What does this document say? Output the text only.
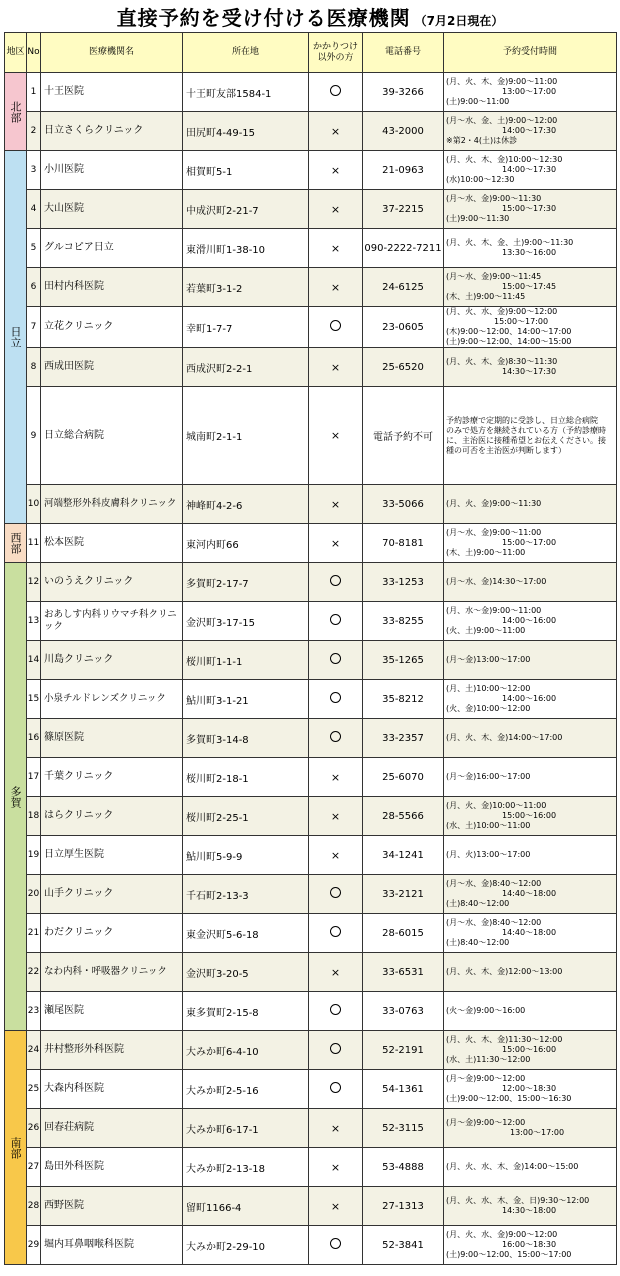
直接予約を受け付ける医療機関 （7月2日現在）
地区	No	医療機関名	所在地	かかりつけ以外の方	電話番号	予約受付時間
北部	1	十王医院	十王町友部1584-1		39-3266	(月、火、木、金)9:00～11:00
　　　　　　　13:00～17:00
(土)9:00～11:00
	2	日立さくらクリニック	田尻町4-49-15	×	43-2000	(月～水、金、土)9:00～12:00
　　　　　　　14:00～17:30
※第2・4(土)は休診
日立	3	小川医院	相賀町5-1	×	21-0963	(月、火、木、金)10:00～12:30
　　　　　　　14:00～17:30
(水)10:00～12:30
	4	大山医院	中成沢町2-21-7	×	37-2215	(月～水、金)9:00～11:30
　　　　　　　15:00～17:30
(土)9:00～11:30
	5	グルコピア日立	東滑川町1-38-10	×	090-2222-7211	(月、火、木、金、土)9:00～11:30
　　　　　　　13:30～16:00
	6	田村内科医院	若葉町3-1-2	×	24-6125	(月～水、金)9:00～11:45
　　　　　　　15:00～17:45
(木、土)9:00～11:45
	7	立花クリニック	幸町1-7-7		23-0605	(月、火、水、金)9:00～12:00
　　　　　　15:00～17:00
(木)9:00～12:00、14:00～17:00
(土)9:00～12:00、14:00～15:00
	8	西成田医院	西成沢町2-2-1	×	25-6520	(月、火、木、金)8:30～11:30
　　　　　　　14:30～17:30
	9	日立総合病院	城南町2-1-1	×	電話予約不可	予約診療で定期的に受診し、日立総合病院
のみで処方を継続されている方（予約診療時
に、主治医に接種希望とお伝えください。接
種の可否を主治医が判断します）
	10	河端整形外科皮膚科クリニック	神峰町4-2-6	×	33-5066	(月、火、金)9:00～11:30
西部	11	松本医院	東河内町66	×	70-8181	(月～水、金)9:00～11:00
　　　　　　　15:00～17:00
(木、土)9:00～11:00
多賀	12	いのうえクリニック	多賀町2-17-7		33-1253	(月～水、金)14:30～17:00
	13	おあしす内科リウマチ科クリニック	金沢町3-17-15		33-8255	(月、水～金)9:00～11:00
　　　　　　　14:00～16:00
(火、土)9:00～11:00
	14	川島クリニック	桜川町1-1-1		35-1265	(月～金)13:00～17:00
	15	小泉チルドレンズクリニック	鮎川町3-1-21		35-8212	(月、土)10:00～12:00
　　　　　　　14:00～16:00
(火、金)10:00～12:00
	16	篠原医院	多賀町3-14-8		33-2357	(月、火、木、金)14:00～17:00
	17	千葉クリニック	桜川町2-18-1	×	25-6070	(月～金)16:00～17:00
	18	はらクリニック	桜川町2-25-1	×	28-5566	(月、火、金)10:00～11:00
　　　　　　　15:00～16:00
(水、土)10:00～11:00
	19	日立厚生医院	鮎川町5-9-9	×	34-1241	(月、火)13:00～17:00
	20	山手クリニック	千石町2-13-3		33-2121	(月～水、金)8:40～12:00
　　　　　　　14:40～18:00
(土)8:40～12:00
	21	わだクリニック	東金沢町5-6-18		28-6015	(月～水、金)8:40～12:00
　　　　　　　14:40～18:00
(土)8:40～12:00
	22	なわ内科・呼吸器クリニック	金沢町3-20-5	×	33-6531	(月、火、木、金)12:00～13:00
	23	瀬尾医院	東多賀町2-15-8		33-0763	(火～金)9:00～16:00
南部	24	井村整形外科医院	大みか町6-4-10		52-2191	(月、火、木、金)11:30～12:00
　　　　　　　15:00～16:00
(水、土)11:30～12:00
	25	大森内科医院	大みか町2-5-16		54-1361	(月～金)9:00～12:00
　　　　　　　12:00～18:30
(土)9:00～12:00、15:00～16:30
	26	回春荘病院	大みか町6-17-1	×	52-3115	(月～金)9:00～12:00
　　　　　　　　13:00～17:00
	27	島田外科医院	大みか町2-13-18	×	53-4888	(月、火、水、木、金)14:00～15:00
	28	西野医院	留町1166-4	×	27-1313	(月、火、水、木、金、日)9:30～12:00
　　　　　　　14:30～18:00
	29	堀内耳鼻咽喉科医院	大みか町2-29-10		52-3841	(月、火、水、金)9:00～12:00
　　　　　　　16:00～18:30
(土)9:00～12:00、15:00～17:00
